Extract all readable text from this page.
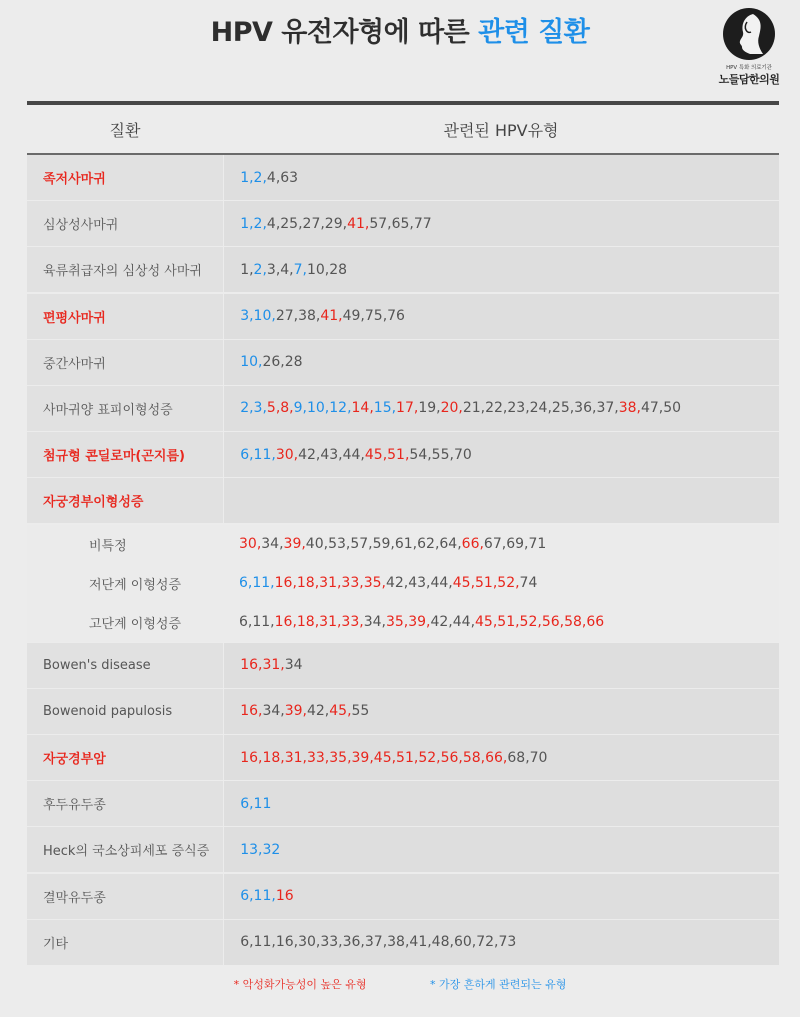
HPV 유전자형에 따른 관련 질환
HPV 특화 의료기관
노들담한의원
질환	관련된 HPV유형
족저사마귀	1, 2, 4, 63
심상성사마귀	1, 2, 4, 25, 27, 29, 41, 57, 65, 77
육류취급자의 심상성 사마귀	1, 2, 3, 4, 7, 10, 28
편평사마귀	3, 10, 27, 38, 41, 49, 75, 76
중간사마귀	10, 26, 28
사마귀양 표피이형성증	2, 3, 5, 8, 9, 10, 12, 14, 15, 17, 19, 20, 21, 22, 23, 24, 25, 36, 37, 38, 47, 50
첨규형 콘딜로마(곤지름)	6, 11, 30, 42, 43, 44, 45, 51, 54, 55, 70
자궁경부이형성증
비특정	30, 34, 39, 40, 53, 57, 59, 61, 62, 64, 66, 67, 69, 71
저단계 이형성증	6, 11, 16, 18, 31, 33, 35, 42, 43, 44, 45, 51, 52, 74
고단계 이형성증	6, 11, 16, 18, 31, 33, 34, 35, 39, 42, 44, 45, 51, 52, 56, 58, 66
Bowen's disease	16, 31, 34
Bowenoid papulosis	16, 34, 39, 42, 45, 55
자궁경부암	16, 18, 31, 33, 35, 39, 45, 51, 52, 56, 58, 66, 68, 70
후두유두종	6, 11
Heck의 국소상피세포 증식증	13, 32
결막유두종	6, 11, 16
기타	6, 11, 16, 30, 33, 36, 37, 38, 41, 48, 60, 72, 73
* 악성화가능성이 높은 유형	* 가장 흔하게 관련되는 유형
